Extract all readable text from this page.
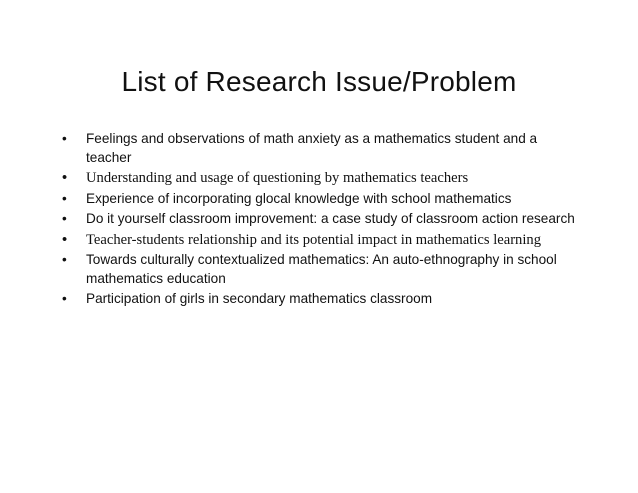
List of Research Issue/Problem
• Feelings and observations of math anxiety as a mathematics student and a teacher
• Understanding and usage of questioning by mathematics teachers
• Experience of incorporating glocal knowledge with school mathematics
• Do it yourself classroom improvement: a case study of classroom action research
• Teacher-students relationship and its potential impact in mathematics learning
• Towards culturally contextualized mathematics: An auto-ethnography in school mathematics education
• Participation of girls in secondary mathematics classroom
